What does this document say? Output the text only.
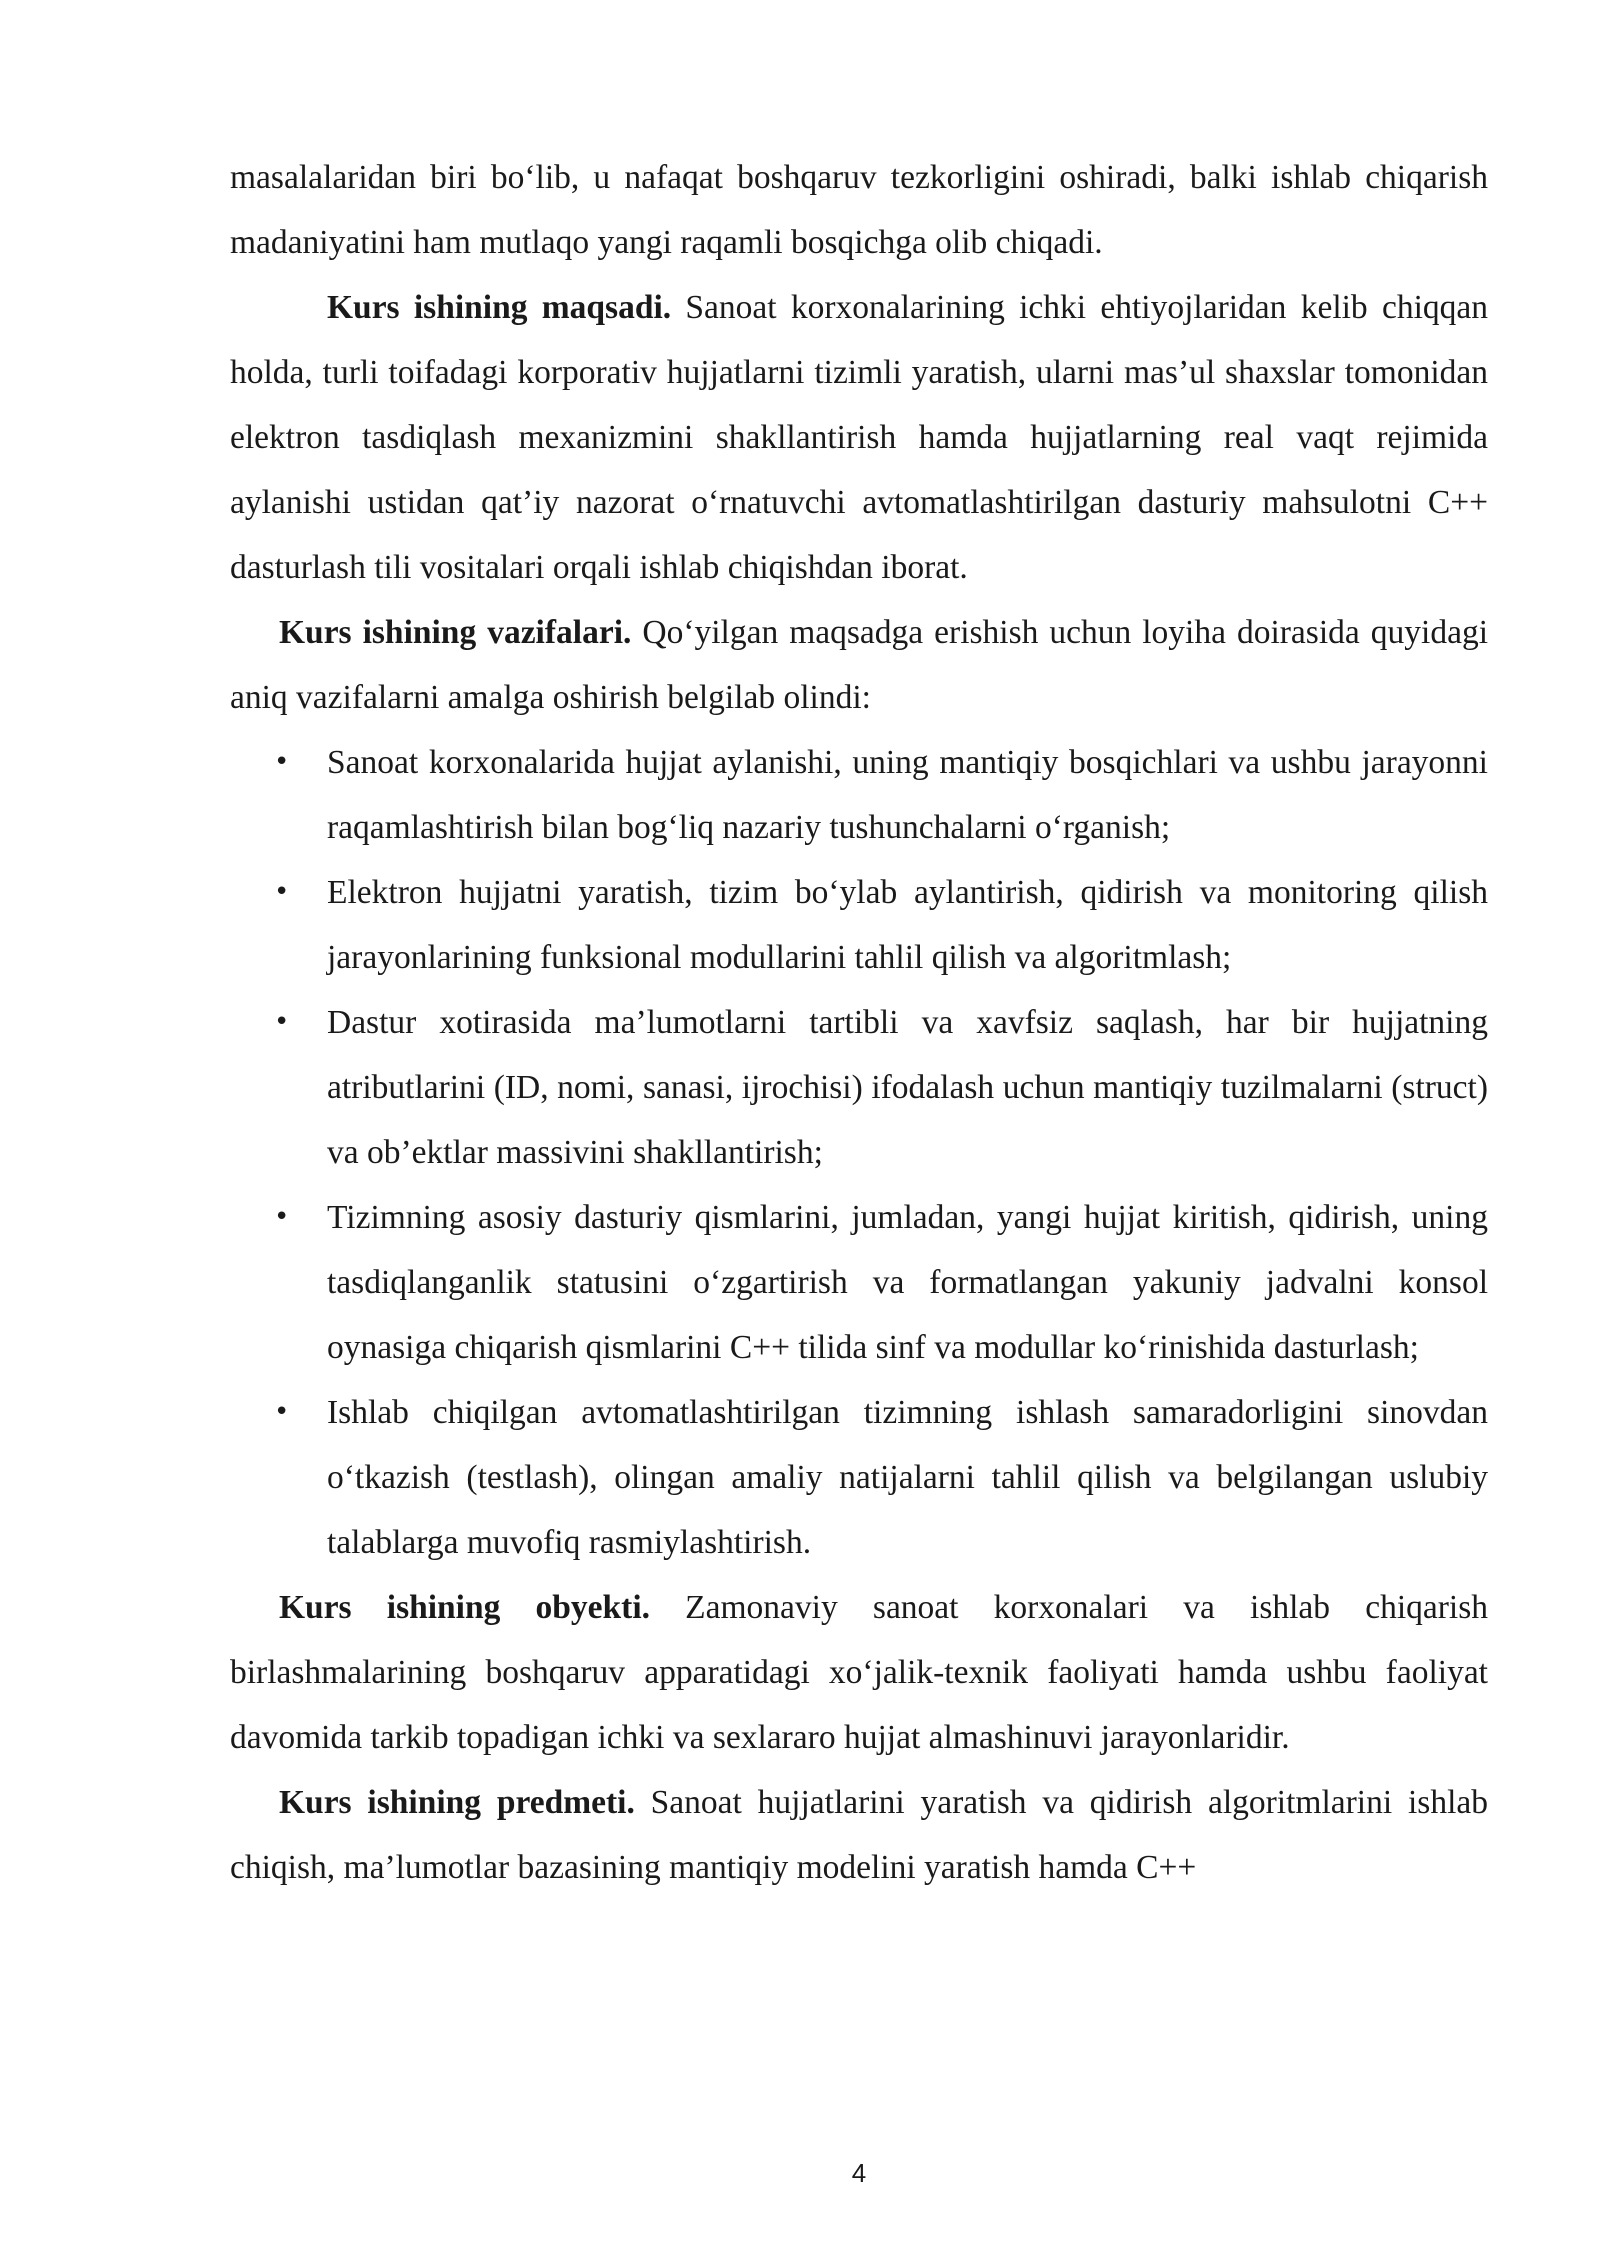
masalalaridan biri bo‘lib, u nafaqat boshqaruv tezkorligini oshiradi, balki ishlab chiqarish madaniyatini ham mutlaqo yangi raqamli bosqichga olib chiqadi.

Kurs ishining maqsadi. Sanoat korxonalarining ichki ehtiyojlaridan kelib chiqqan holda, turli toifadagi korporativ hujjatlarni tizimli yaratish, ularni mas’ul shaxslar tomonidan elektron tasdiqlash mexanizmini shakllantirish hamda hujjatlarning real vaqt rejimida aylanishi ustidan qat’iy nazorat o‘rnatuvchi avtomatlashtirilgan dasturiy mahsulotni C++ dasturlash tili vositalari orqali ishlab chiqishdan iborat.

Kurs ishining vazifalari. Qo‘yilgan maqsadga erishish uchun loyiha doirasida quyidagi aniq vazifalarni amalga oshirish belgilab olindi:

• Sanoat korxonalarida hujjat aylanishi, uning mantiqiy bosqichlari va ushbu jarayonni raqamlashtirish bilan bog‘liq nazariy tushunchalarni o‘rganish;
• Elektron hujjatni yaratish, tizim bo‘ylab aylantirish, qidirish va monitoring qilish jarayonlarining funksional modullarini tahlil qilish va algoritmlash;
• Dastur xotirasida ma’lumotlarni tartibli va xavfsiz saqlash, har bir hujjatning atributlarini (ID, nomi, sanasi, ijrochisi) ifodalash uchun mantiqiy tuzilmalarni (struct) va ob’ektlar massivini shakllantirish;
• Tizimning asosiy dasturiy qismlarini, jumladan, yangi hujjat kiritish, qidirish, uning tasdiqlanganlik statusini o‘zgartirish va formatlangan yakuniy jadvalni konsol oynasiga chiqarish qismlarini C++ tilida sinf va modullar ko‘rinishida dasturlash;
• Ishlab chiqilgan avtomatlashtirilgan tizimning ishlash samaradorligini sinovdan o‘tkazish (testlash), olingan amaliy natijalarni tahlil qilish va belgilangan uslubiy talablarga muvofiq rasmiylashtirish.

Kurs ishining obyekti. Zamonaviy sanoat korxonalari va ishlab chiqarish birlashmalarining boshqaruv apparatidagi xo‘jalik-texnik faoliyati hamda ushbu faoliyat davomida tarkib topadigan ichki va sexlararo hujjat almashinuvi jarayonlaridir.

Kurs ishining predmeti. Sanoat hujjatlarini yaratish va qidirish algoritmlarini ishlab chiqish, ma’lumotlar bazasining mantiqiy modelini yaratish hamda C++

4
